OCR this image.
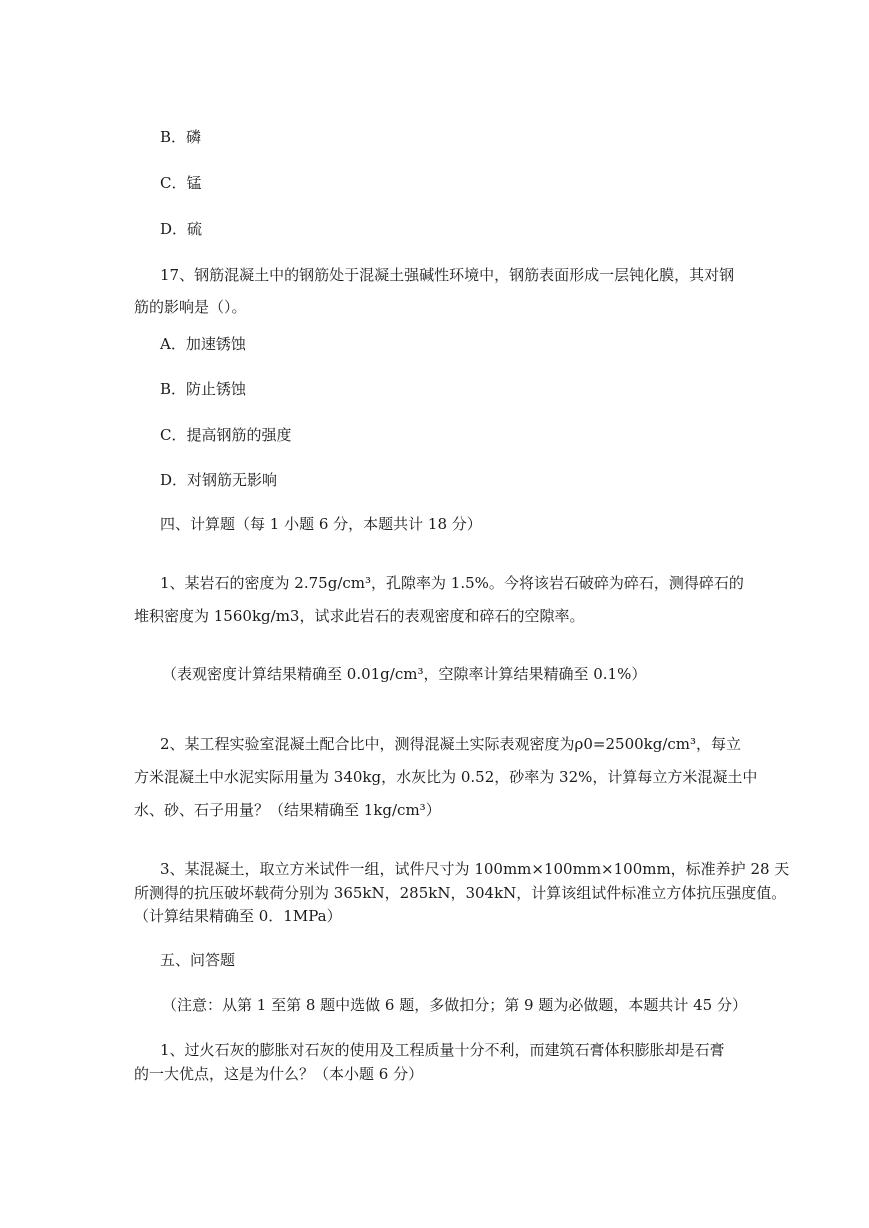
B．磷

C．锰

D．硫

17、钢筋混凝土中的钢筋处于混凝土强碱性环境中，钢筋表面形成一层钝化膜，其对钢

筋的影响是（）。

A．加速锈蚀

B．防止锈蚀

C．提高钢筋的强度

D．对钢筋无影响

四、计算题（每 1 小题 6 分，本题共计 18 分）

1、某岩石的密度为 2.75g/cm³，孔隙率为 1.5%。今将该岩石破碎为碎石，测得碎石的

堆积密度为 1560kg/m3，试求此岩石的表观密度和碎石的空隙率。

（表观密度计算结果精确至 0.01g/cm³，空隙率计算结果精确至 0.1%）

2、某工程实验室混凝土配合比中，测得混凝土实际表观密度为ρ0=2500kg/cm³，每立

方米混凝土中水泥实际用量为 340kg，水灰比为 0.52，砂率为 32%，计算每立方米混凝土中

水、砂、石子用量？（结果精确至 1kg/cm³）

3、某混凝土，取立方米试件一组，试件尺寸为 100mm×100mm×100mm，标准养护 28 天

所测得的抗压破坏载荷分别为 365kN，285kN，304kN，计算该组试件标准立方体抗压强度值。

（计算结果精确至 0．1MPa）

五、问答题

（注意：从第 1 至第 8 题中选做 6 题，多做扣分；第 9 题为必做题，本题共计 45 分）

1、过火石灰的膨胀对石灰的使用及工程质量十分不利，而建筑石膏体积膨胀却是石膏

的一大优点，这是为什么？（本小题 6 分）
